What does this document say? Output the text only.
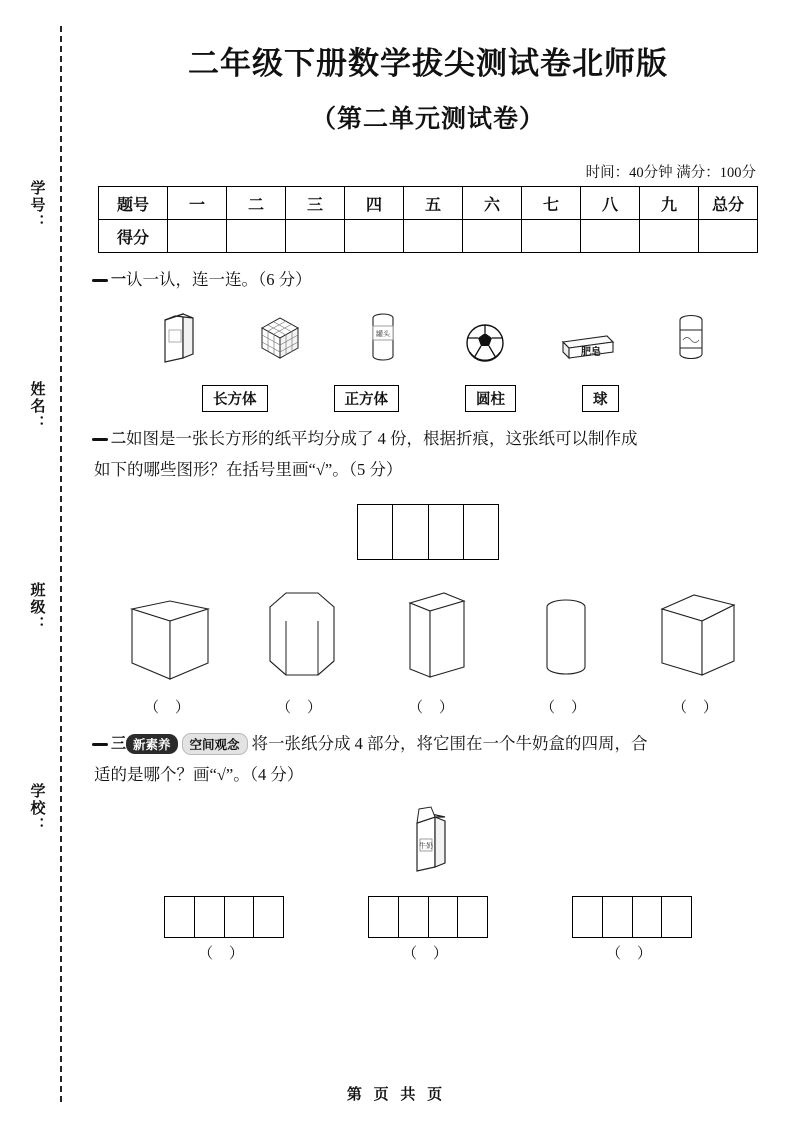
学号：
姓名：
班级：
学校：
二年级下册数学拔尖测试卷北师版
（第二单元测试卷）
时间：40分钟 满分：100分
题号	一	二	三	四	五	六	七	八	九	总分
得分										
一 认一认，连一连。（6 分）
罐头
肥皂
长方体	正方体	圆柱	球
二 如图是一张长方形的纸平均分成了 4 份，根据折痕，这张纸可以制作成
如下的哪些图形？在括号里画“√”。（5 分）
（ ）	（ ）	（ ）	（ ）	（ ）
三 新素养	空间观念 将一张纸分成 4 部分，将它围在一个牛奶盒的四周，合
适的是哪个？画“√”。（4 分）
牛奶
（ ）	（ ）	（ ）
第 页 共 页
